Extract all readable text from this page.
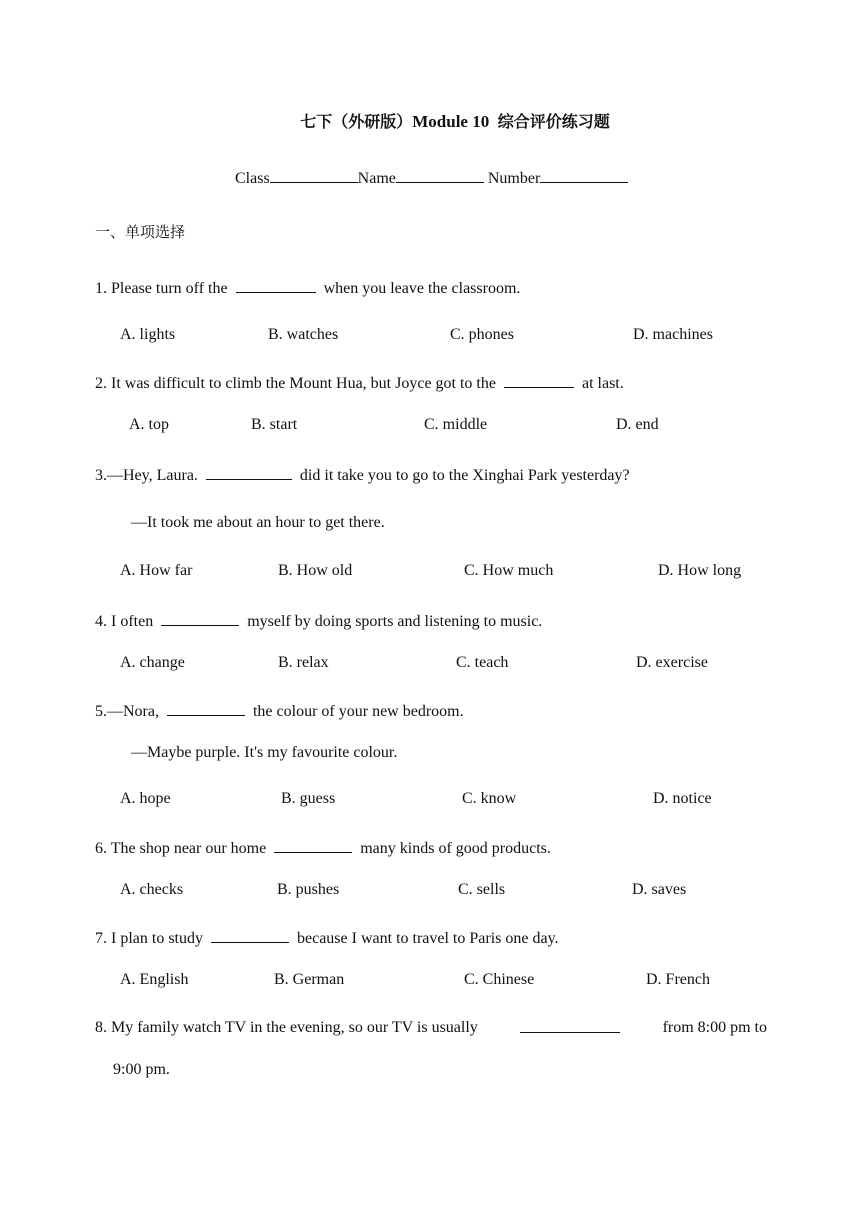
七下（外研版）Module 10 综合评价练习题
Class	Name	Number
一、单项选择
1. Please turn off the	when you leave the classroom.
A. lights	B. watches	C. phones	D. machines
2. It was difficult to climb the Mount Hua, but Joyce got to the	at last.
A. top	B. start	C. middle	D. end
3.—Hey, Laura.	did it take you to go to the Xinghai Park yesterday?
—It took me about an hour to get there.
A. How far	B. How old	C. How much	D. How long
4. I often	myself by doing sports and listening to music.
A. change	B. relax	C. teach	D. exercise
5.—Nora,	the colour of your new bedroom.
—Maybe purple. It's my favourite colour.
A. hope	B. guess	C. know	D. notice
6. The shop near our home	many kinds of good products.
A. checks	B. pushes	C. sells	D. saves
7. I plan to study	because I want to travel to Paris one day.
A. English	B. German	C. Chinese	D. French
8. My family watch TV in the evening, so our TV is usually	from 8:00 pm to
9:00 pm.
